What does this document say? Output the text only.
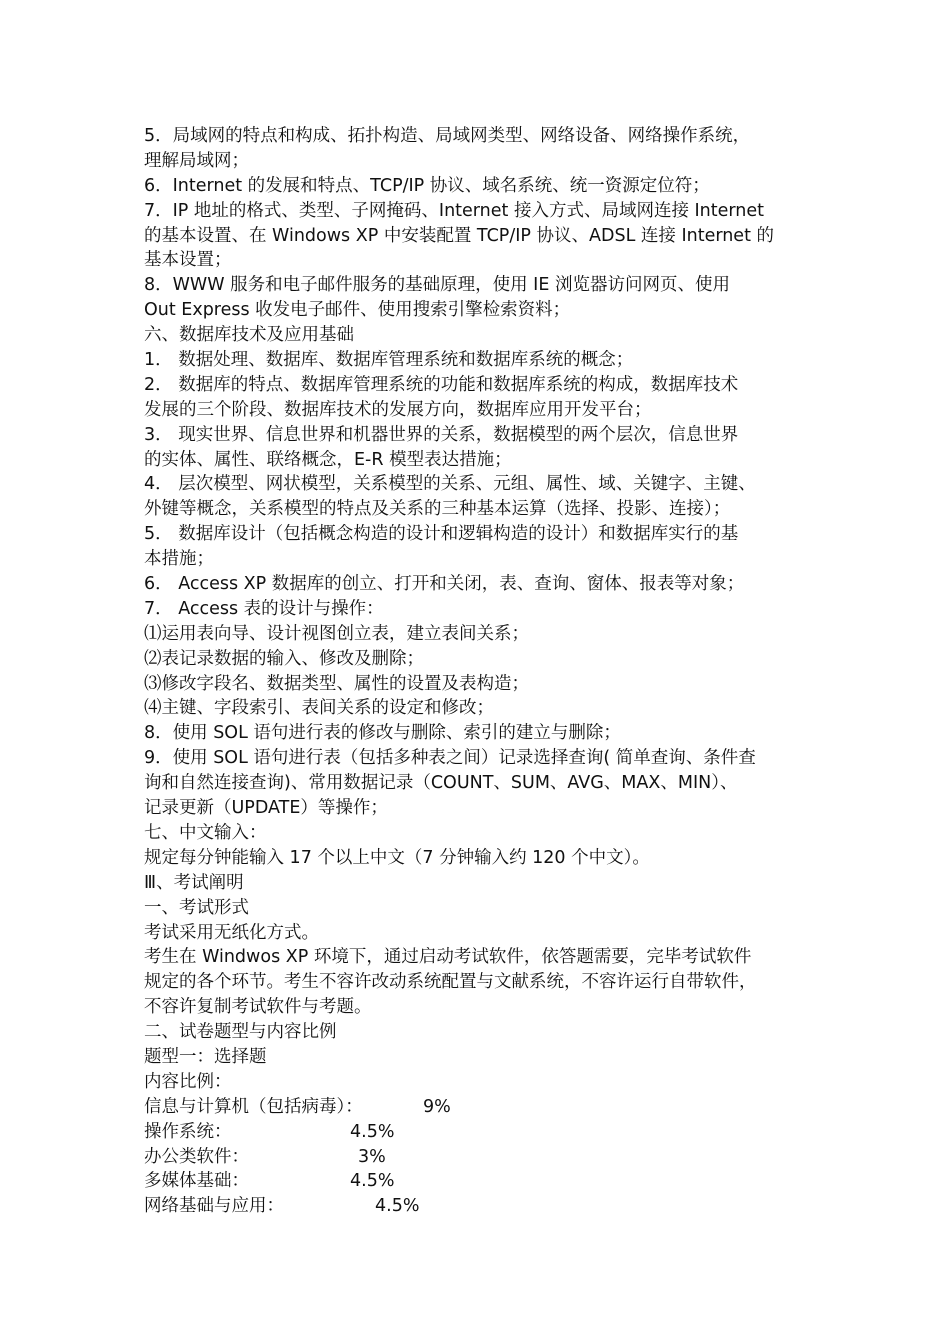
5．局域网的特点和构成、拓扑构造、局域网类型、网络设备、网络操作系统，
理解局域网；
6．Internet 的发展和特点、TCP/IP 协议、域名系统、统一资源定位符；
7．IP 地址的格式、类型、子网掩码、Internet 接入方式、局域网连接 Internet
的基本设置、在 Windows XP 中安装配置 TCP/IP 协议、ADSL 连接 Internet 的
基本设置；
8．WWW 服务和电子邮件服务的基础原理，使用 IE 浏览器访问网页、使用
Out Express 收发电子邮件、使用搜索引擎检索资料；
六、数据库技术及应用基础
1． 数据处理、数据库、数据库管理系统和数据库系统的概念；
2． 数据库的特点、数据库管理系统的功能和数据库系统的构成，数据库技术
发展的三个阶段、数据库技术的发展方向，数据库应用开发平台；
3． 现实世界、信息世界和机器世界的关系，数据模型的两个层次，信息世界
的实体、属性、联络概念，E-R 模型表达措施；
4． 层次模型、网状模型，关系模型的关系、元组、属性、域、关键字、主键、
外键等概念，关系模型的特点及关系的三种基本运算（选择、投影、连接）；
5． 数据库设计（包括概念构造的设计和逻辑构造的设计）和数据库实行的基
本措施；
6． Access XP 数据库的创立、打开和关闭，表、查询、窗体、报表等对象；
7． Access 表的设计与操作：
⑴运用表向导、设计视图创立表，建立表间关系；
⑵表记录数据的输入、修改及删除；
⑶修改字段名、数据类型、属性的设置及表构造；
⑷主键、字段索引、表间关系的设定和修改；
8．使用 SOL 语句进行表的修改与删除、索引的建立与删除；
9．使用 SOL 语句进行表（包括多种表之间）记录选择查询( 简单查询、条件查
询和自然连接查询)、常用数据记录（COUNT、SUM、AVG、MAX、MIN）、
记录更新（UPDATE）等操作；
七、中文输入：
规定每分钟能输入 17 个以上中文（7 分钟输入约 120 个中文）。
Ⅲ、考试阐明
一、考试形式
考试采用无纸化方式。
考生在 Windwos XP 环境下，通过启动考试软件，依答题需要，完毕考试软件
规定的各个环节。考生不容许改动系统配置与文献系统，不容许运行自带软件，
不容许复制考试软件与考题。
二、试卷题型与内容比例
题型一：选择题
内容比例：
信息与计算机（包括病毒）：	9%
操作系统：	4.5%
办公类软件：	3%
多媒体基础：	4.5%
网络基础与应用：	4.5%
